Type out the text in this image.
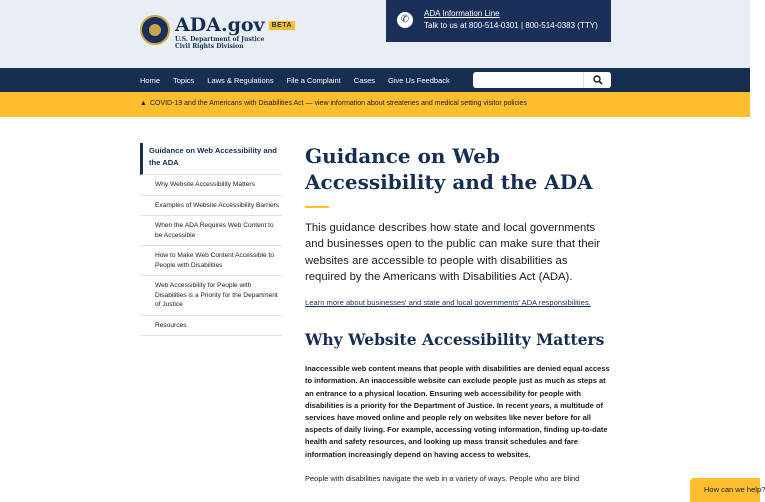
ADA.gov	BETA
U.S. Department of Justice
Civil Rights Division
✆
ADA Information Line
Talk to us at 800-514-0301 | 800-514-0383 (TTY)
Home Topics Laws & Regulations File a Complaint Cases Give Us Feedback
▲ COVID-19 and the Americans with Disabilities Act — view information about streateries and medical setting visitor policies
Guidance on Web Accessibility and the ADA
Why Website Accessibility Matters
Examples of Website Accessibility Barriers
When the ADA Requires Web Content to be Accessible
How to Make Web Content Accessible to People with Disabilities
Web Accessibility for People with Disabilities is a Priority for the Department of Justice
Resources
Guidance on Web Accessibility and the ADA

This guidance describes how state and local governments and businesses open to the public can make sure that their websites are accessible to people with disabilities as required by the Americans with Disabilities Act (ADA).

Learn more about businesses' and state and local governments' ADA responsibilities.

Why Website Accessibility Matters

Inaccessible web content means that people with disabilities are denied equal access to information. An inaccessible website can exclude people just as much as steps at an entrance to a physical location. Ensuring web accessibility for people with disabilities is a priority for the Department of Justice. In recent years, a multitude of services have moved online and people rely on websites like never before for all aspects of daily living. For example, accessing voting information, finding up-to-date health and safety resources, and looking up mass transit schedules and fare information increasingly depend on having access to websites.

People with disabilities navigate the web in a variety of ways. People who are blind

How can we help?
